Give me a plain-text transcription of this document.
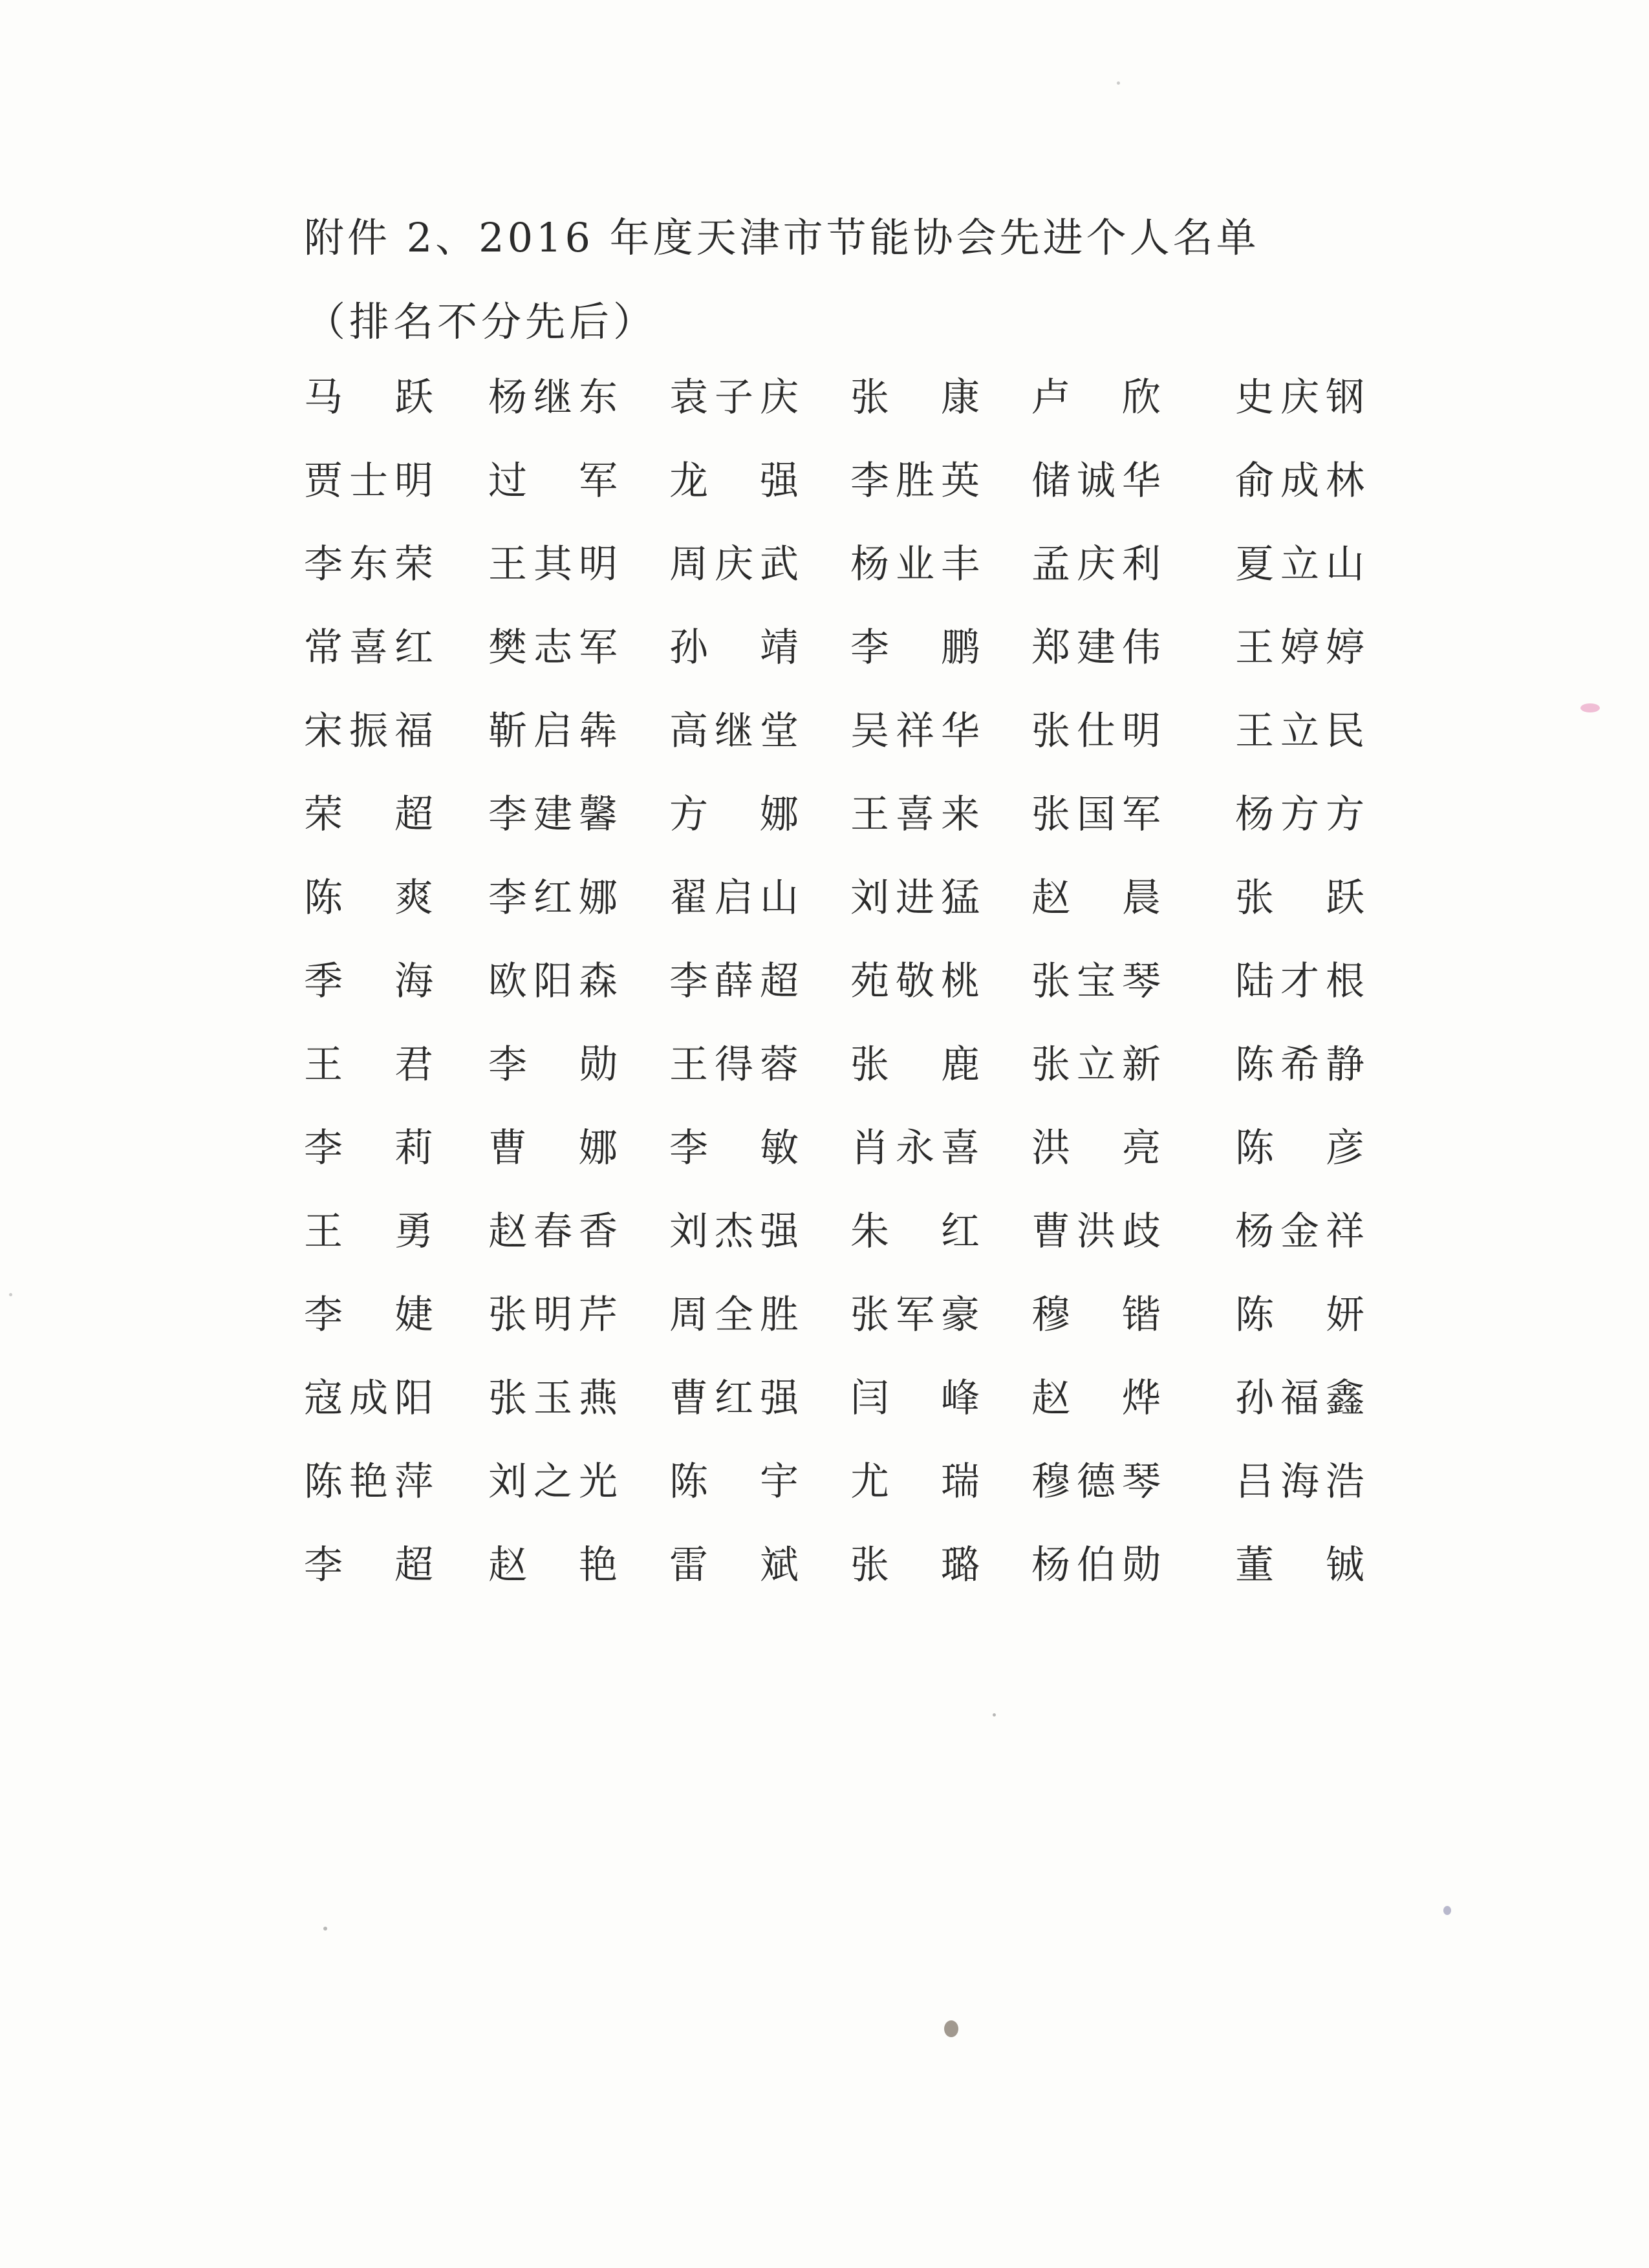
附件 2、2016 年度天津市节能协会先进个人名单
（排名不分先后）
马 跃 杨 继 东 袁 子 庆 张 康 卢 欣 史 庆 钢
贾 士 明 过 军 龙 强 李 胜 英 储 诚 华 俞 成 林
李 东 荣 王 其 明 周 庆 武 杨 业 丰 孟 庆 利 夏 立 山
常 喜 红 樊 志 军 孙 靖 李 鹏 郑 建 伟 王 婷 婷
宋 振 福 靳 启 犇 高 继 堂 吴 祥 华 张 仕 明 王 立 民
荣 超 李 建 馨 方 娜 王 喜 来 张 国 军 杨 方 方
陈 爽 李 红 娜 翟 启 山 刘 进 猛 赵 晨 张 跃
季 海 欧 阳 森 李 薛 超 苑 敬 桃 张 宝 琴 陆 才 根
王 君 李 勋 王 得 蓉 张 鹿 张 立 新 陈 希 静
李 莉 曹 娜 李 敏 肖 永 喜 洪 亮 陈 彦
王 勇 赵 春 香 刘 杰 强 朱 红 曹 洪 歧 杨 金 祥
李 婕 张 明 芹 周 全 胜 张 军 豪 穆 锴 陈 妍
寇 成 阳 张 玉 燕 曹 红 强 闫 峰 赵 烨 孙 福 鑫
陈 艳 萍 刘 之 光 陈 宇 尤 瑞 穆 德 琴 吕 海 浩
李 超 赵 艳 雷 斌 张 璐 杨 伯 勋 董 铖
